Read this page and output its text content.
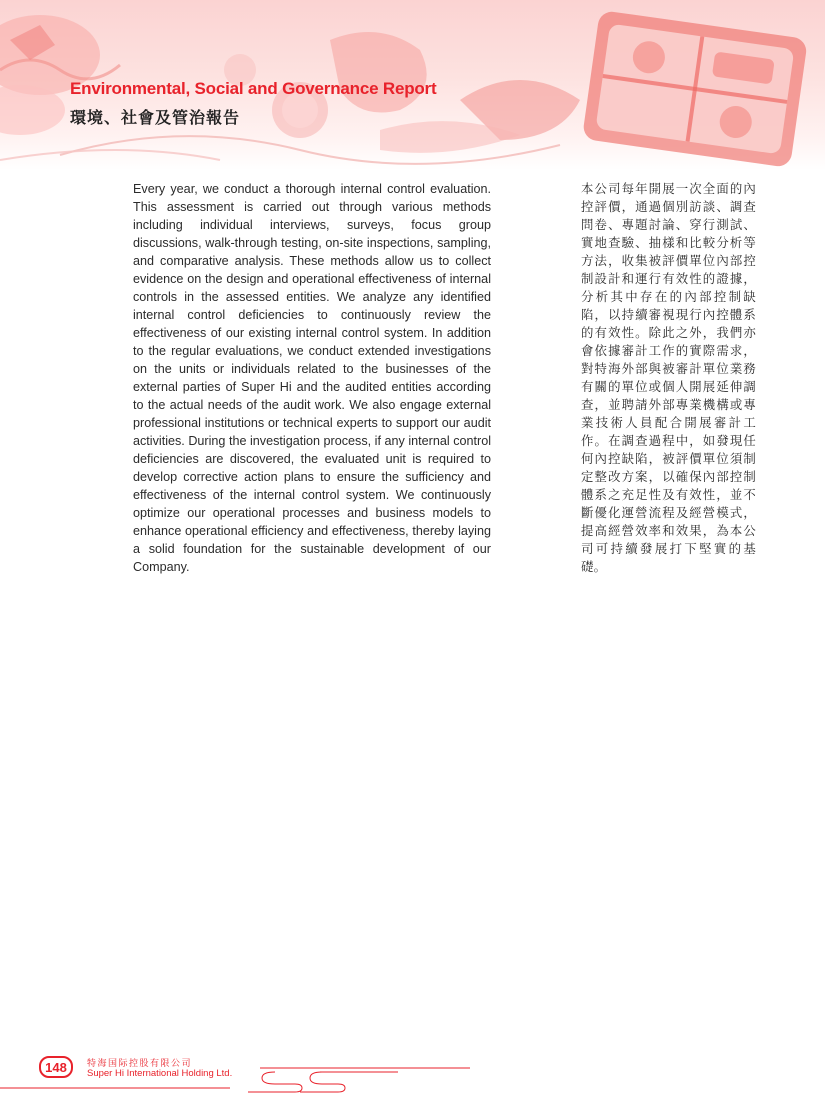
Environmental, Social and Governance Report
環境、社會及管治報告

Every year, we conduct a thorough internal control evaluation. This assessment is carried out through various methods including individual interviews, surveys, focus group discussions, walk-through testing, on-site inspections, sampling, and comparative analysis. These methods allow us to collect evidence on the design and operational effectiveness of internal controls in the assessed entities. We analyze any identified internal control deficiencies to continuously review the effectiveness of our existing internal control system. In addition to the regular evaluations, we conduct extended investigations on the units or individuals related to the businesses of the external parties of Super Hi and the audited entities according to the actual needs of the audit work. We also engage external professional institutions or technical experts to support our audit activities. During the investigation process, if any internal control deficiencies are discovered, the evaluated unit is required to develop corrective action plans to ensure the sufficiency and effectiveness of the internal control system. We continuously optimize our operational processes and business models to enhance operational efficiency and effectiveness, thereby laying a solid foundation for the sustainable development of our Company.

本公司每年開展一次全面的內控評價，通過個別訪談、調查問卷、專題討論、穿行測試、實地查驗、抽樣和比較分析等方法，收集被評價單位內部控制設計和運行有效性的證據，分析其中存在的內部控制缺陷，以持續審視現行內控體系的有效性。除此之外，我們亦會依據審計工作的實際需求，對特海外部與被審計單位業務有關的單位或個人開展延伸調查，並聘請外部專業機構或專業技術人員配合開展審計工作。在調查過程中，如發現任何內控缺陷，被評價單位須制定整改方案，以確保內部控制體系之充足性及有效性，並不斷優化運營流程及經營模式，提高經營效率和效果，為本公司可持續發展打下堅實的基礎。

148	特海国际控股有限公司
Super Hi International Holding Ltd.
